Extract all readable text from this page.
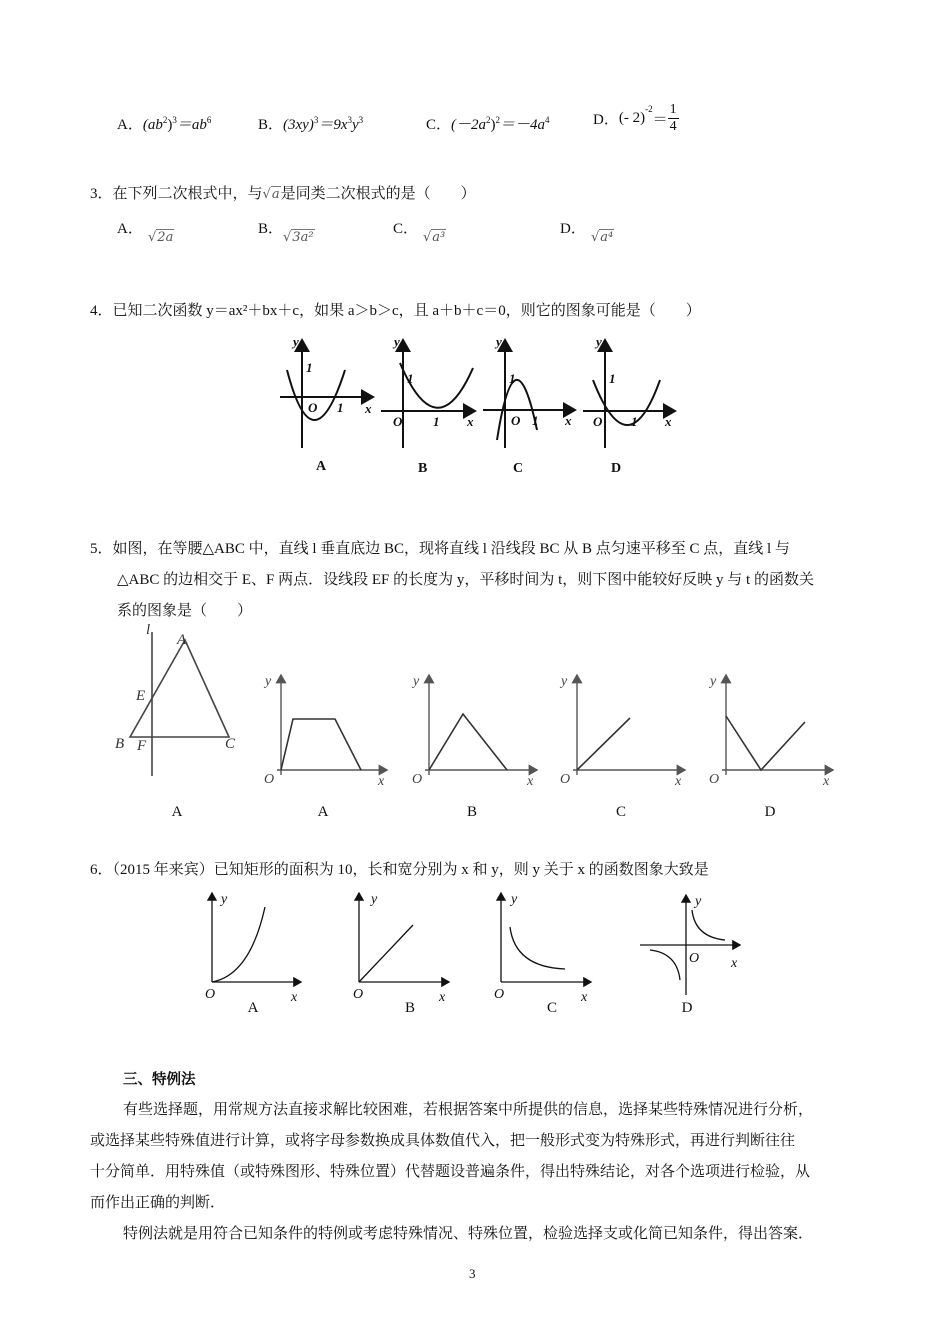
A．$(ab^2)^3=ab^6$	B．$(3xy)^3=9x^3y^3$	C．$(-2a^2)^2=-4a^4$	D．(- $2)^{-2}= \frac{1}{4}$
3．在下列二次根式中，与√a是同类二次根式的是（　　）
A．
√2a
B．
√3a²
C．
√a³
D．
√a⁴
4．已知二次函数 y＝ax²＋bx＋c，如果 a＞b＞c，且 a＋b＋c＝0，则它的图象可能是（　　）
y
1
O 1 x
y
1
O 1 x
y
1
O 1 x
y
1
O 1 x
A	B	C	D
5．如图，在等腰△ABC 中，直线 l 垂直底边 BC，现将直线 l 沿线段 BC 从 B 点匀速平移至 C 点，直线 l 与
△ABC 的边相交于 E、F 两点．设线段 EF 的长度为 y，平移时间为 t，则下图中能较好反映 y 与 t 的函数关
系的图象是（　　）
l
A
E
B F	C
y
O	x
y
O	x
y
O	x
y
O	x
A	A	B	C	D
6．（2015 年来宾）已知矩形的面积为 10，长和宽分别为 x 和 y，则 y 关于 x 的函数图象大致是
y
O	x
y
O	x
y
O	x
y
O x
A	B	C	D
三、特例法
有些选择题，用常规方法直接求解比较困难，若根据答案中所提供的信息，选择某些特殊情况进行分析，
或选择某些特殊值进行计算，或将字母参数换成具体数值代入，把一般形式变为特殊形式，再进行判断往往
十分简单．用特殊值（或特殊图形、特殊位置）代替题设普遍条件，得出特殊结论，对各个选项进行检验，从
而作出正确的判断．
特例法就是用符合已知条件的特例或考虑特殊情况、特殊位置，检验选择支或化简已知条件，得出答案．
3
